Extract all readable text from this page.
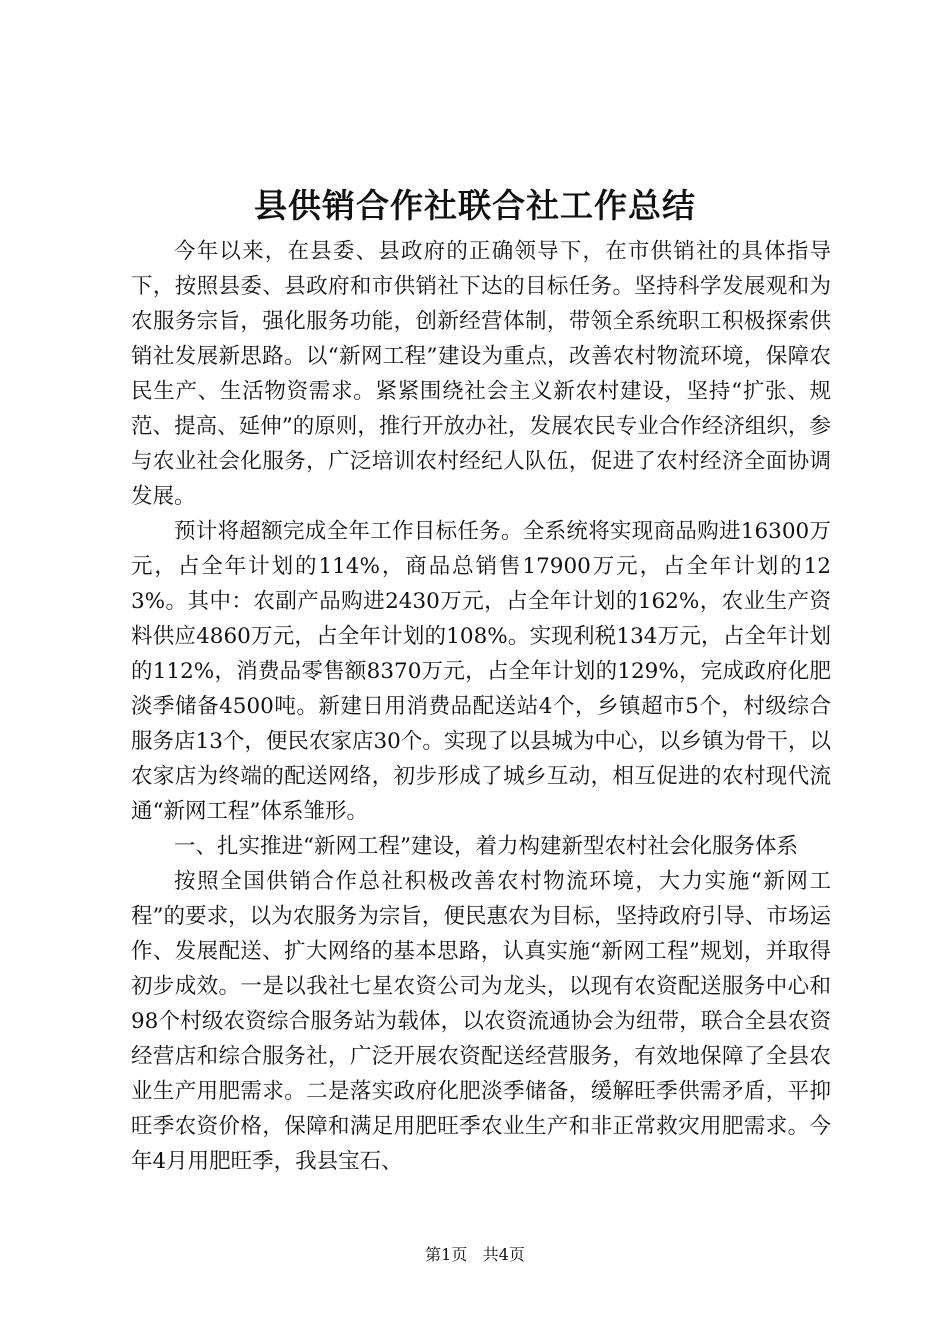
县供销合作社联合社工作总结

今年以来，在县委、县政府的正确领导下，在市供销社的具体指导下，按照县委、县政府和市供销社下达的目标任务。坚持科学发展观和为农服务宗旨，强化服务功能，创新经营体制，带领全系统职工积极探索供销社发展新思路。以“新网工程”建设为重点，改善农村物流环境，保障农民生产、生活物资需求。紧紧围绕社会主义新农村建设，坚持“扩张、规范、提高、延伸”的原则，推行开放办社，发展农民专业合作经济组织，参与农业社会化服务，广泛培训农村经纪人队伍，促进了农村经济全面协调发展。

预计将超额完成全年工作目标任务。全系统将实现商品购进16300万元，占全年计划的114%，商品总销售17900万元，占全年计划的123%。其中：农副产品购进2430万元，占全年计划的162%，农业生产资料供应4860万元，占全年计划的108%。实现利税134万元，占全年计划的112%，消费品零售额8370万元，占全年计划的129%，完成政府化肥淡季储备4500吨。新建日用消费品配送站4个，乡镇超市5个，村级综合服务店13个，便民农家店30个。实现了以县城为中心，以乡镇为骨干，以农家店为终端的配送网络，初步形成了城乡互动，相互促进的农村现代流通“新网工程”体系雏形。

一、扎实推进“新网工程”建设，着力构建新型农村社会化服务体系

按照全国供销合作总社积极改善农村物流环境，大力实施“新网工程”的要求，以为农服务为宗旨，便民惠农为目标，坚持政府引导、市场运作、发展配送、扩大网络的基本思路，认真实施“新网工程”规划，并取得初步成效。一是以我社七星农资公司为龙头，以现有农资配送服务中心和98个村级农资综合服务站为载体，以农资流通协会为纽带，联合全县农资经营店和综合服务社，广泛开展农资配送经营服务，有效地保障了全县农业生产用肥需求。二是落实政府化肥淡季储备，缓解旺季供需矛盾，平抑旺季农资价格，保障和满足用肥旺季农业生产和非正常救灾用肥需求。今年4月用肥旺季，我县宝石、

第1页 共4页
